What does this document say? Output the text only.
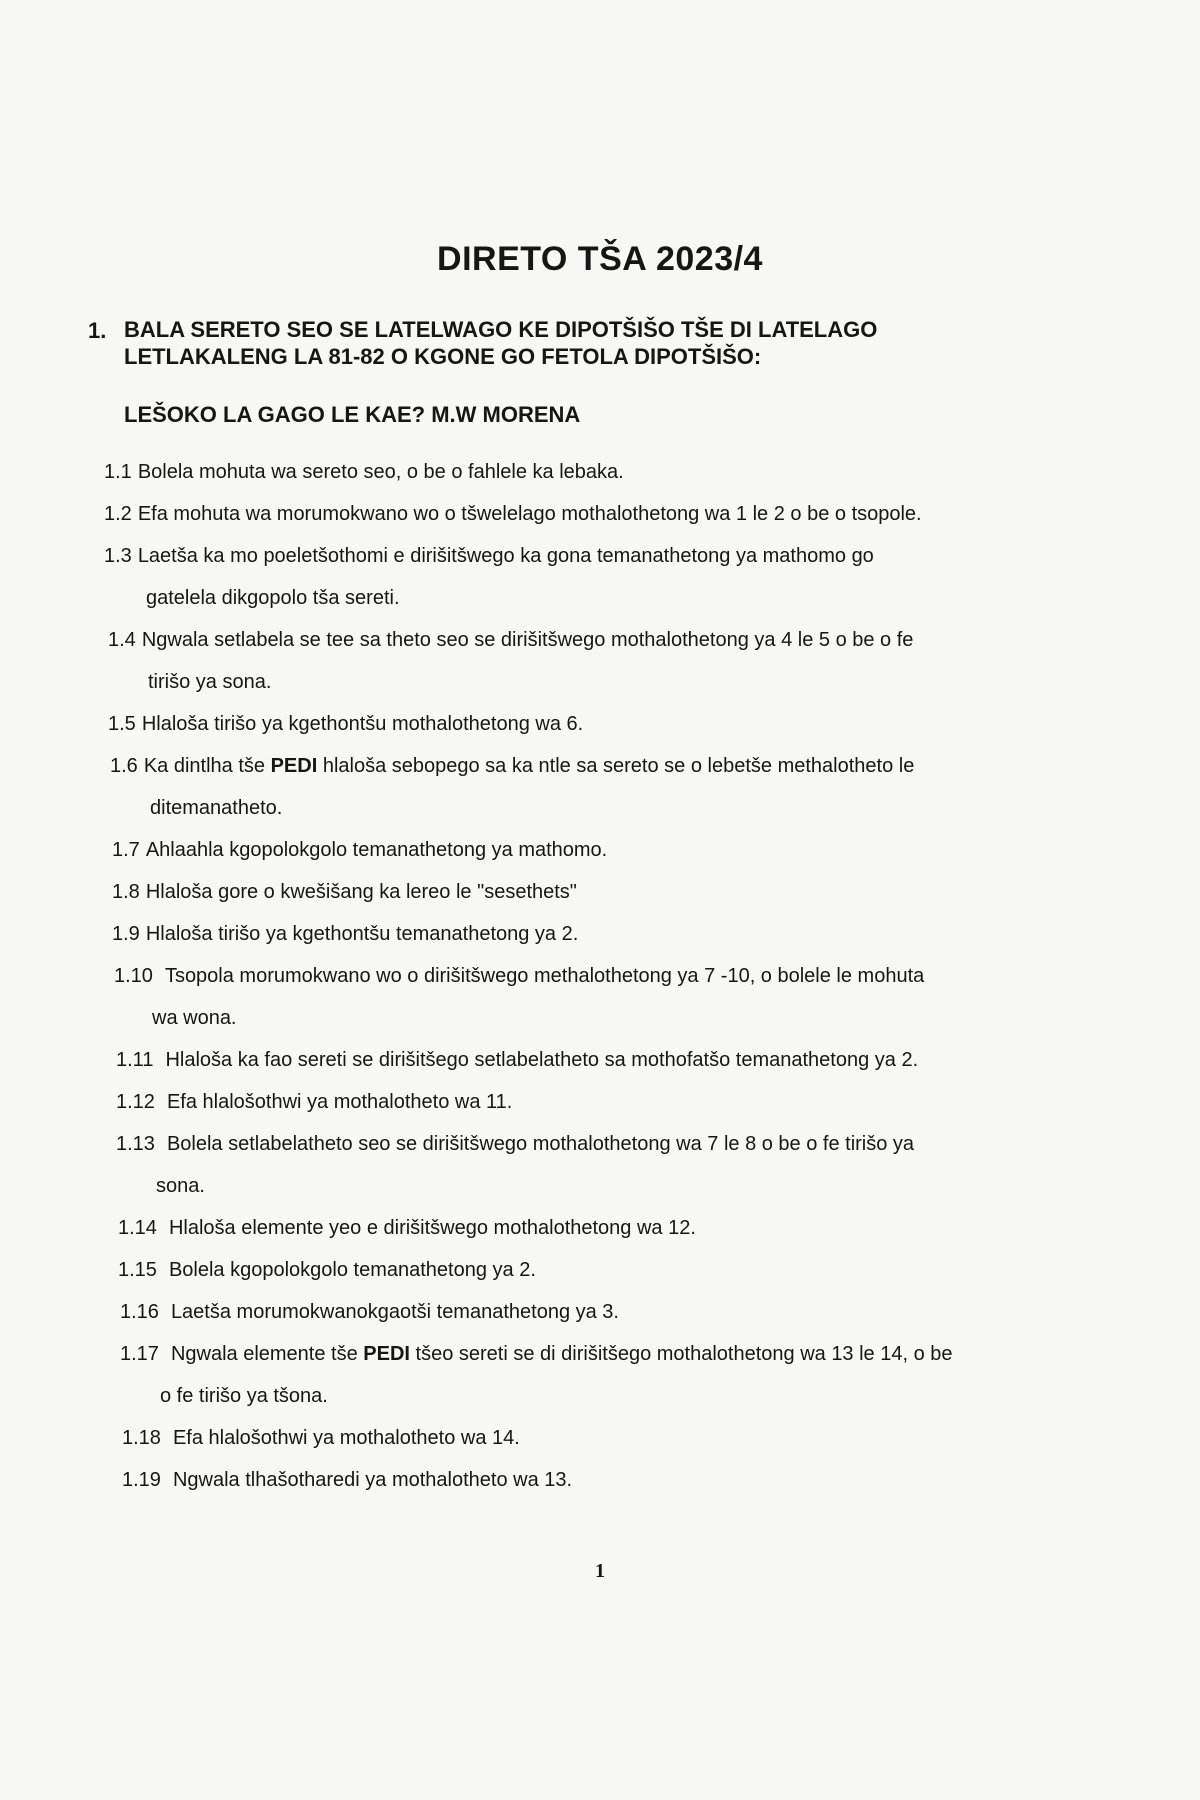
DIRETO TŠA 2023/4
1. BALA SERETO SEO SE LATELWAGO KE DIPOTŠIŠO TŠE DI LATELAGO LETLAKALENG LA 81-82 O KGONE GO FETOLA DIPOTŠIŠO:
LEŠOKO LA GAGO LE KAE? M.W MORENA
1.1 Bolela mohuta wa sereto seo, o be o fahlele ka lebaka.
1.2 Efa mohuta wa morumokwano wo o tšwelelago mothalothetong wa 1 le 2 o be o tsopole.
1.3 Laetša ka mo poeletšothomi e dirišitšwego ka gona temanathetong ya mathomo go
gatelela dikgopolo tša sereti.
1.4 Ngwala setlabela se tee sa theto seo se dirišitšwego mothalothetong ya 4 le 5 o be o fe
tirišo ya sona.
1.5 Hlaloša tirišo ya kgethontšu mothalothetong wa 6.
1.6 Ka dintlha tše PEDI hlaloša sebopego sa ka ntle sa sereto se o lebetše methalotheto le
ditemanatheto.
1.7 Ahlaahla kgopolokgolo temanathetong ya mathomo.
1.8 Hlaloša gore o kwešišang ka lereo le "sesethets"
1.9 Hlaloša tirišo ya kgethontšu temanathetong ya 2.
1.10 Tsopola morumokwano wo o dirišitšwego methalothetong ya 7 -10, o bolele le mohuta
wa wona.
1.11 Hlaloša ka fao sereti se dirišitšego setlabelatheto sa mothofatšo temanathetong ya 2.
1.12 Efa hlalošothwi ya mothalotheto wa 11.
1.13 Bolela setlabelatheto seo se dirišitšwego mothalothetong wa 7 le 8 o be o fe tirišo ya
sona.
1.14 Hlaloša elemente yeo e dirišitšwego mothalothetong wa 12.
1.15 Bolela kgopolokgolo temanathetong ya 2.
1.16 Laetša morumokwanokgaotši temanathetong ya 3.
1.17 Ngwala elemente tše PEDI tšeo sereti se di dirišitšego mothalothetong wa 13 le 14, o be
o fe tirišo ya tšona.
1.18 Efa hlalošothwi ya mothalotheto wa 14.
1.19 Ngwala tlhašotharedi ya mothalotheto wa 13.
1
